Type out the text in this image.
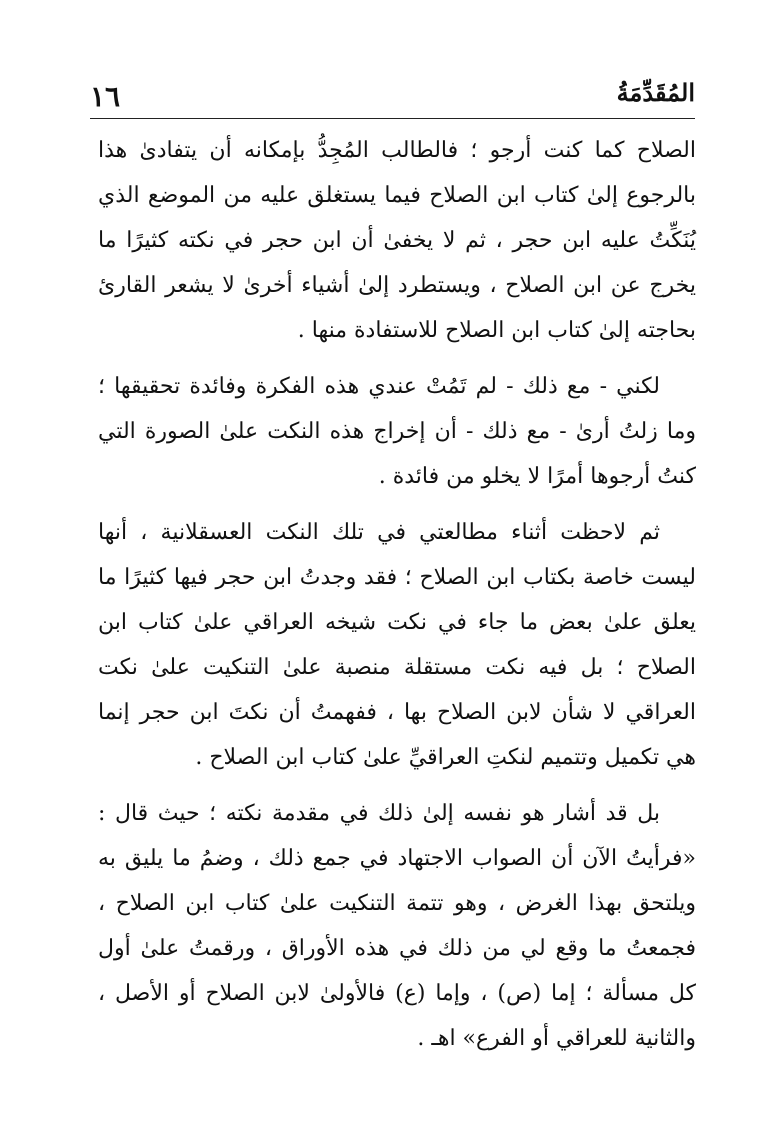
١٦	المُقَدِّمَةُ

الصلاح كما كنت أرجو ؛ فالطالب المُجِدُّ بإمكانه أن يتفادىٰ هذا بالرجوع إلىٰ كتاب ابن الصلاح فيما يستغلق عليه من الموضع الذي يُنَكِّتُ عليه ابن حجر ، ثم لا يخفىٰ أن ابن حجر في نكته كثيرًا ما يخرج عن ابن الصلاح ، ويستطرد إلىٰ أشياء أخرىٰ لا يشعر القارئ بحاجته إلىٰ كتاب ابن الصلاح للاستفادة منها .

لكني - مع ذلك - لم تَمُتْ عندي هذه الفكرة وفائدة تحقيقها ؛ وما زلتُ أرىٰ - مع ذلك - أن إخراج هذه النكت علىٰ الصورة التي كنتُ أرجوها أمرًا لا يخلو من فائدة .

ثم لاحظت أثناء مطالعتي في تلك النكت العسقلانية ، أنها ليست خاصة بكتاب ابن الصلاح ؛ فقد وجدتُ ابن حجر فيها كثيرًا ما يعلق علىٰ بعض ما جاء في نكت شيخه العراقي علىٰ كتاب ابن الصلاح ؛ بل فيه نكت مستقلة منصبة علىٰ التنكيت علىٰ نكت العراقي لا شأن لابن الصلاح بها ، ففهمتُ أن نكتَ ابن حجر إنما هي تكميل وتتميم لنكتِ العراقيِّ علىٰ كتاب ابن الصلاح .

بل قد أشار هو نفسه إلىٰ ذلك في مقدمة نكته ؛ حيث قال : «فرأيتُ الآن أن الصواب الاجتهاد في جمع ذلك ، وضمُ ما يليق به ويلتحق بهذا الغرض ، وهو تتمة التنكيت علىٰ كتاب ابن الصلاح ، فجمعتُ ما وقع لي من ذلك في هذه الأوراق ، ورقمتُ علىٰ أول كل مسألة ؛ إما (ص) ، وإما (ع) فالأولىٰ لابن الصلاح أو الأصل ، والثانية للعراقي أو الفرع» اهـ .
